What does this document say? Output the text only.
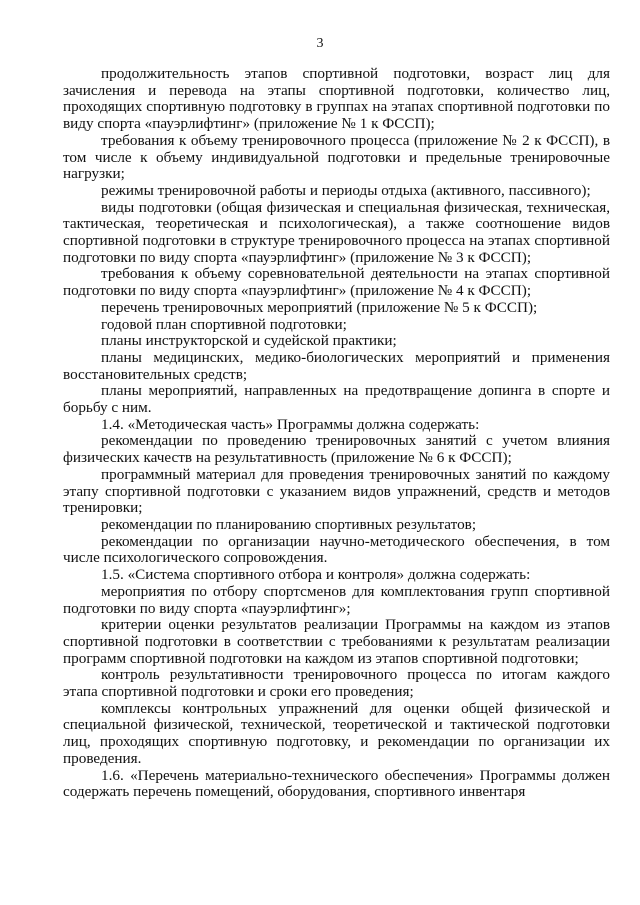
3

продолжительность этапов спортивной подготовки, возраст лиц для зачисления и перевода на этапы спортивной подготовки, количество лиц, проходящих спортивную подготовку в группах на этапах спортивной подготовки по виду спорта «пауэрлифтинг» (приложение № 1 к ФССП);

требования к объему тренировочного процесса (приложение № 2 к ФССП), в том числе к объему индивидуальной подготовки и предельные тренировочные нагрузки;

режимы тренировочной работы и периоды отдыха (активного, пассивного);

виды подготовки (общая физическая и специальная физическая, техническая, тактическая, теоретическая и психологическая), а также соотношение видов спортивной подготовки в структуре тренировочного процесса на этапах спортивной подготовки по виду спорта «пауэрлифтинг» (приложение № 3 к ФССП);

требования к объему соревновательной деятельности на этапах спортивной подготовки по виду спорта «пауэрлифтинг» (приложение № 4 к ФССП);

перечень тренировочных мероприятий (приложение № 5 к ФССП);

годовой план спортивной подготовки;

планы инструкторской и судейской практики;

планы медицинских, медико-биологических мероприятий и применения восстановительных средств;

планы мероприятий, направленных на предотвращение допинга в спорте и борьбу с ним.

1.4. «Методическая часть» Программы должна содержать:

рекомендации по проведению тренировочных занятий с учетом влияния физических качеств на результативность (приложение № 6 к ФССП);

программный материал для проведения тренировочных занятий по каждому этапу спортивной подготовки с указанием видов упражнений, средств и методов тренировки;

рекомендации по планированию спортивных результатов;

рекомендации по организации научно-методического обеспечения, в том числе психологического сопровождения.

1.5. «Система спортивного отбора и контроля» должна содержать:

мероприятия по отбору спортсменов для комплектования групп спортивной подготовки по виду спорта «пауэрлифтинг»;

критерии оценки результатов реализации Программы на каждом из этапов спортивной подготовки в соответствии с требованиями к результатам реализации программ спортивной подготовки на каждом из этапов спортивной подготовки;

контроль результативности тренировочного процесса по итогам каждого этапа спортивной подготовки и сроки его проведения;

комплексы контрольных упражнений для оценки общей физической и специальной физической, технической, теоретической и тактической подготовки лиц, проходящих спортивную подготовку, и рекомендации по организации их проведения.

1.6. «Перечень материально-технического обеспечения» Программы должен содержать перечень помещений, оборудования, спортивного инвентаря
